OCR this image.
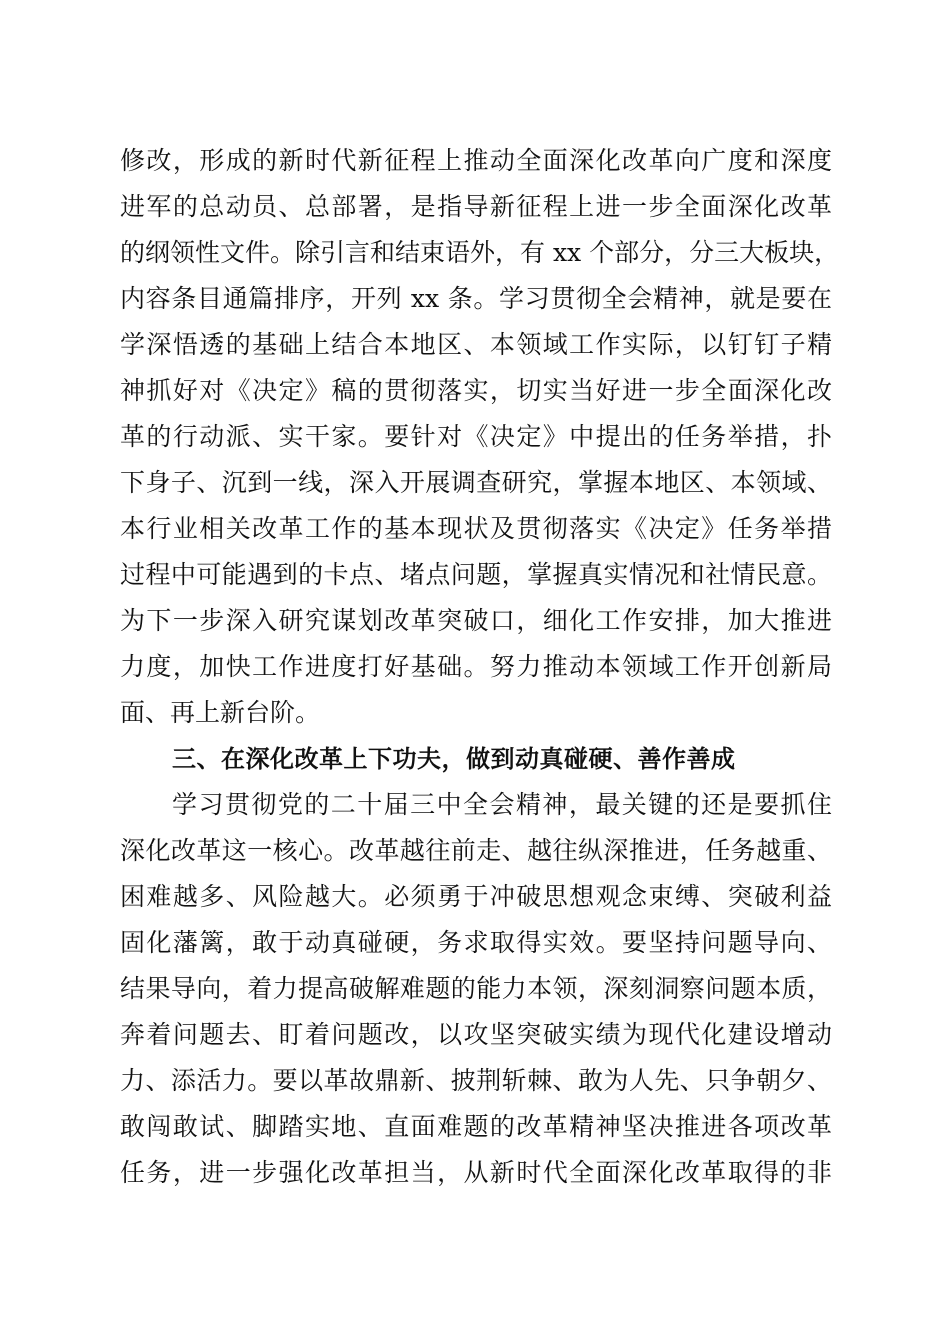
修改，形成的新时代新征程上推动全面深化改革向广度和深度
进军的总动员、总部署，是指导新征程上进一步全面深化改革
的纲领性文件。除引言和结束语外，有 xx 个部分，分三大板块，
内容条目通篇排序，开列 xx 条。学习贯彻全会精神，就是要在
学深悟透的基础上结合本地区、本领域工作实际，以钉钉子精
神抓好对《决定》稿的贯彻落实，切实当好进一步全面深化改
革的行动派、实干家。要针对《决定》中提出的任务举措，扑
下身子、沉到一线，深入开展调查研究，掌握本地区、本领域、
本行业相关改革工作的基本现状及贯彻落实《决定》任务举措
过程中可能遇到的卡点、堵点问题，掌握真实情况和社情民意。
为下一步深入研究谋划改革突破口，细化工作安排，加大推进
力度，加快工作进度打好基础。努力推动本领域工作开创新局
面、再上新台阶。
三、在深化改革上下功夫，做到动真碰硬、善作善成
学习贯彻党的二十届三中全会精神，最关键的还是要抓住
深化改革这一核心。改革越往前走、越往纵深推进，任务越重、
困难越多、风险越大。必须勇于冲破思想观念束缚、突破利益
固化藩篱，敢于动真碰硬，务求取得实效。要坚持问题导向、
结果导向，着力提高破解难题的能力本领，深刻洞察问题本质，
奔着问题去、盯着问题改，以攻坚突破实绩为现代化建设增动
力、添活力。要以革故鼎新、披荆斩棘、敢为人先、只争朝夕、
敢闯敢试、脚踏实地、直面难题的改革精神坚决推进各项改革
任务，进一步强化改革担当，从新时代全面深化改革取得的非
